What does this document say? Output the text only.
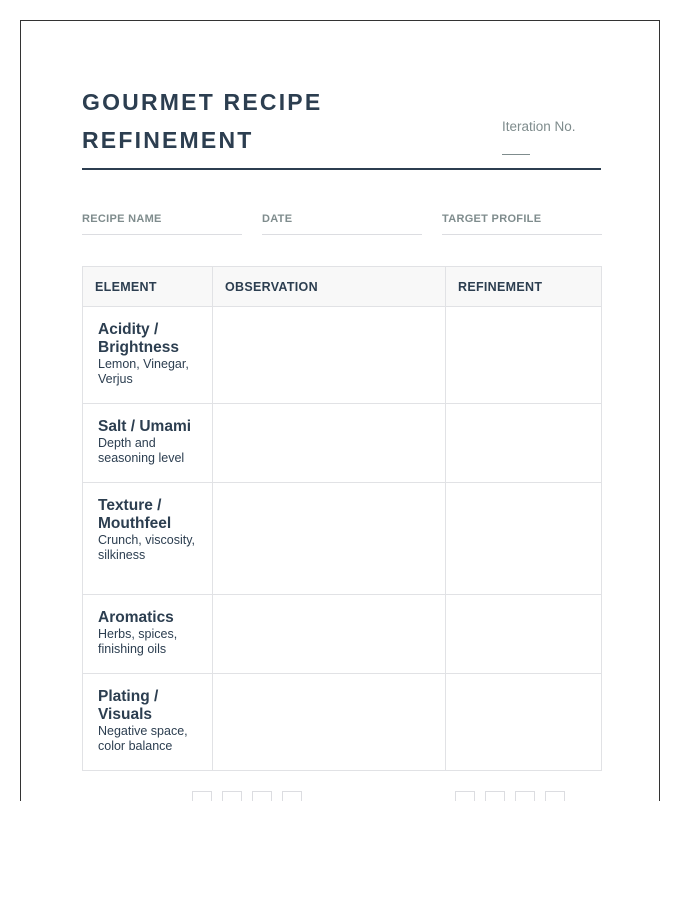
GOURMET RECIPE REFINEMENT
Iteration No.
RECIPE NAME	DATE	TARGET PROFILE
ELEMENT	OBSERVATION	REFINEMENT

Acidity / Brightness
Lemon, Vinegar, Verjus		

Salt / Umami
Depth and seasoning level		

Texture / Mouthfeel
Crunch, viscosity, silkiness		

Aromatics
Herbs, spices, finishing oils		

Plating / Visuals
Negative space, color balance		
